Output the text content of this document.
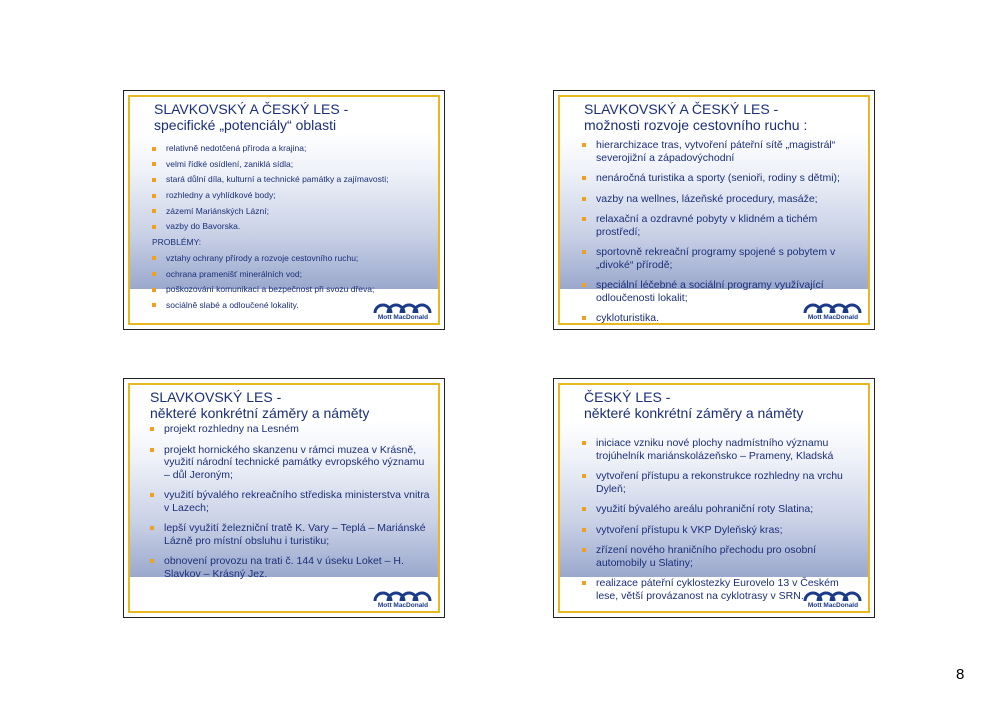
SLAVKOVSKÝ A ČESKÝ LES -
specifické „potenciály“ oblasti
relativně nedotčená příroda a krajina;
velmi řídké osídlení, zaniklá sídla;
stará důlní díla, kulturní a technické památky a zajímavosti;
rozhledny a vyhlídkové body;
zázemí Mariánských Lázní;
vazby do Bavorska.
PROBLÉMY:
vztahy ochrany přírody a rozvoje cestovního ruchu;
ochrana pramenišť minerálních vod;
poškozování komunikací a bezpečnost při svozu dřeva;
sociálně slabé a odloučené lokality.
Mott MacDonald
SLAVKOVSKÝ A ČESKÝ LES -
možnosti rozvoje cestovního ruchu :
hierarchizace tras, vytvoření páteřní sítě „magistrál“ severojižní a západovýchodní
nenáročná turistika a sporty (senioři, rodiny s dětmi);
vazby na wellnes, lázeňské procedury, masáže;
relaxační a ozdravné pobyty v klidném a tichém prostředí;
sportovně rekreační programy spojené s pobytem v „divoké“ přírodě;
speciální léčebné a sociální programy využívající odloučenosti lokalit;
cykloturistika.	Mott MacDonald
SLAVKOVSKÝ LES -
některé konkrétní záměry a náměty
projekt rozhledny na Lesném
projekt hornického skanzenu v rámci muzea v Krásně, využití národní technické památky evropského významu – důl Jeroným;
využití bývalého rekreačního střediska ministerstva vnitra v Lazech;
lepší využití železniční tratě K. Vary – Teplá – Mariánské Lázně pro místní obsluhu i turistiku;
obnovení provozu na trati č. 144 v úseku Loket – H. Slavkov – Krásný Jez.
Mott MacDonald
ČESKÝ LES -
některé konkrétní záměry a náměty
iniciace vzniku nové plochy nadmístního významu trojúhelník mariánskolázeňsko – Prameny, Kladská
vytvoření přístupu a rekonstrukce rozhledny na vrchu Dyleň;
využití bývalého areálu pohraniční roty Slatina;
vytvoření přístupu k VKP Dyleňský kras;
zřízení nového hraničního přechodu pro osobní automobily u Slatiny;
realizace páteřní cyklostezky Eurovelo 13 v Českém lese, větší provázanost na cyklotrasy v SRN.
Mott MacDonald
8
